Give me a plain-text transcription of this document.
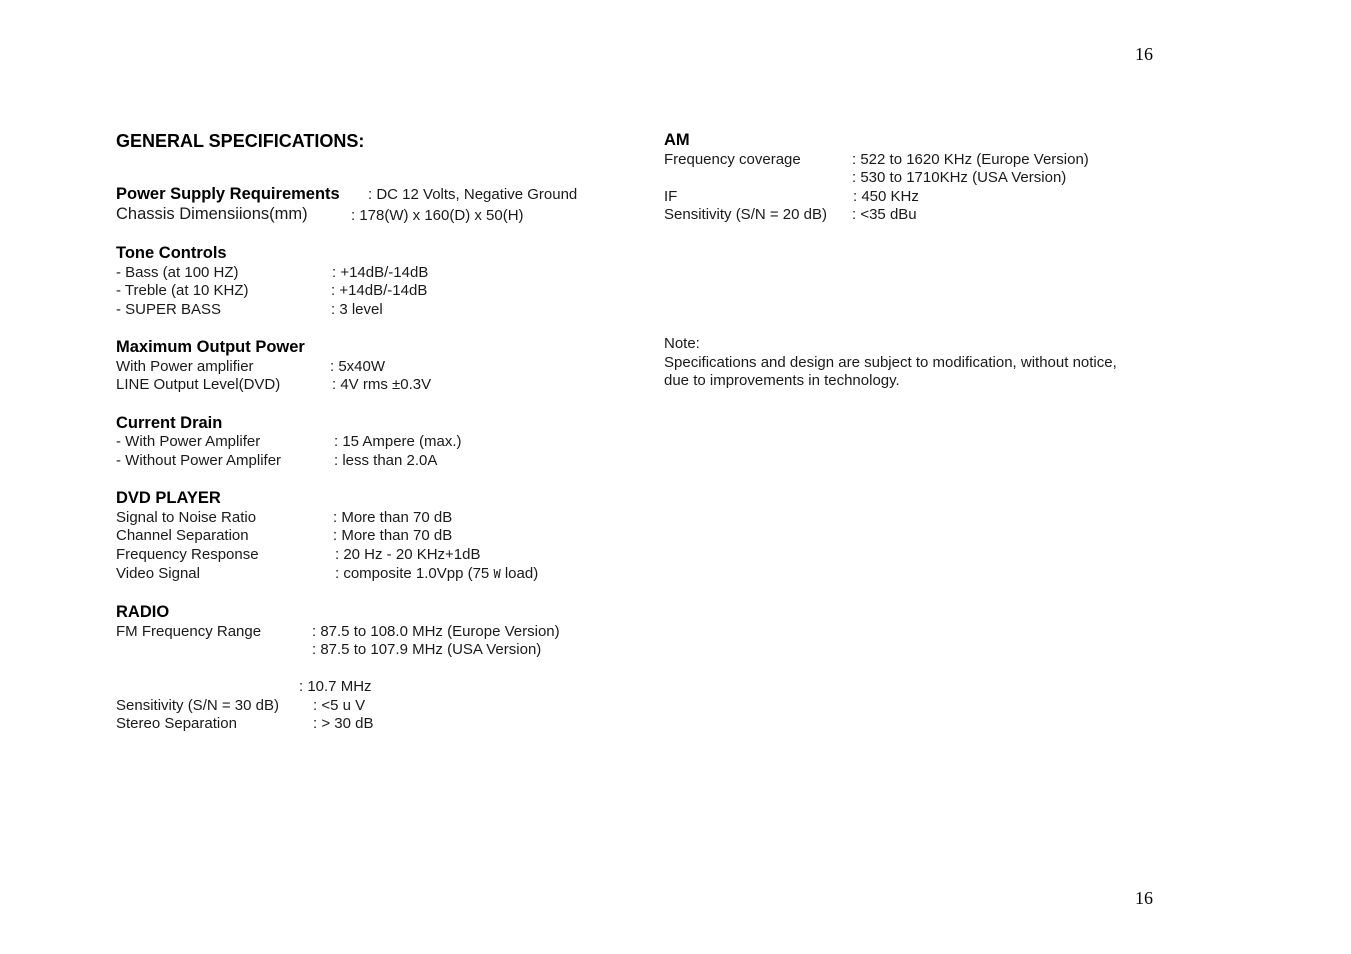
16
16
GENERAL SPECIFICATIONS:
Power Supply Requirements : DC 12 Volts, Negative Ground
Chassis Dimensiions(mm)	: 178(W) x 160(D) x 50(H)
Tone Controls
- Bass (at 100 HZ)	: +14dB/-14dB
- Treble (at 10 KHZ)	: +14dB/-14dB
- SUPER BASS	: 3 level
Maximum Output Power
With Power amplifier	: 5x40W
LINE Output Level(DVD)	: 4V rms ±0.3V
Current Drain
- With Power Amplifer	: 15 Ampere (max.)
- Without Power Amplifer	: less than 2.0A
DVD PLAYER
Signal to Noise Ratio	: More than 70 dB
Channel Separation	: More than 70 dB
Frequency Response	: 20 Hz - 20 KHz+1dB
Video Signal	: composite 1.0Vpp (75 W load)
RADIO
FM Frequency Range	: 87.5 to 108.0 MHz (Europe Version)
: 87.5 to 107.9 MHz (USA Version)
: 10.7 MHz
Sensitivity (S/N = 30 dB) : <5 u V
Stereo Separation	: > 30 dB
AM
Frequency coverage	: 522 to 1620 KHz (Europe Version)
: 530 to 1710KHz (USA Version)
IF	: 450 KHz
Sensitivity (S/N = 20 dB) : <35 dBu
Note:
Specifications and design are subject to modification, without notice,
due to improvements in technology.
